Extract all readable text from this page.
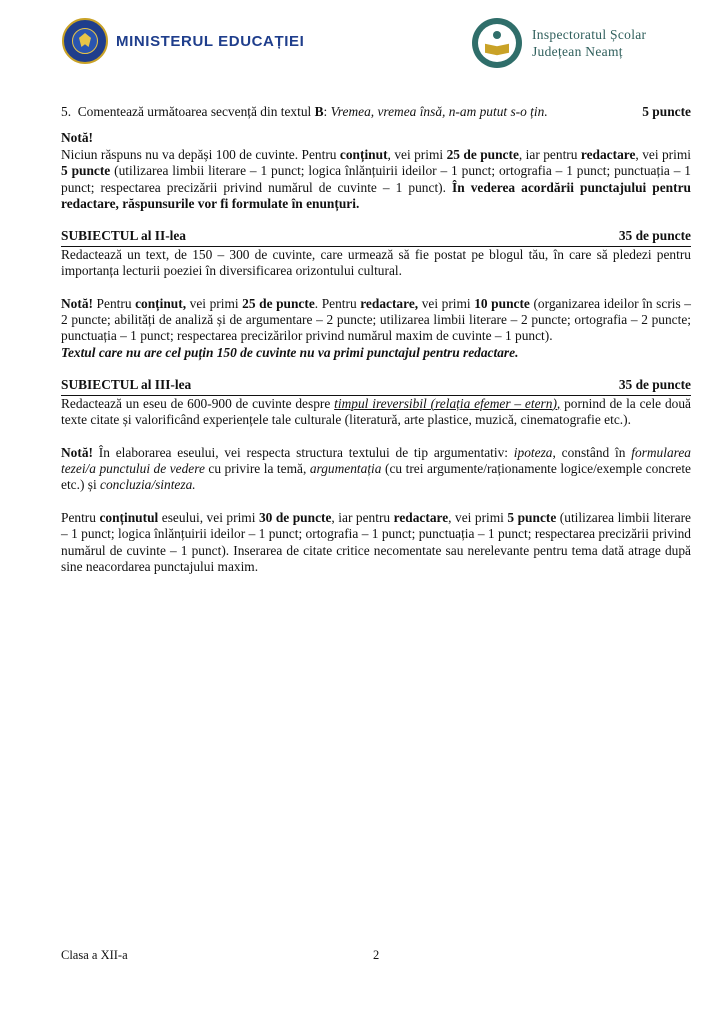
MINISTERUL EDUCAȚIEI	Inspectoratul Școlar
Județean Neamț
5. Comentează următoarea secvență din textul B: Vremea, vremea însă, n-am putut s-o țin.	5 puncte
Notă!

Niciun răspuns nu va depăși 100 de cuvinte. Pentru conținut, vei primi 25 de puncte, iar pentru redactare, vei primi 5 puncte (utilizarea limbii literare – 1 punct; logica înlănțuirii ideilor – 1 punct; ortografia – 1 punct; punctuația – 1 punct; respectarea precizării privind numărul de cuvinte – 1 punct). În vederea acordării punctajului pentru redactare, răspunsurile vor fi formulate în enunțuri.

SUBIECTUL al II-lea	35 de puncte

Redactează un text, de 150 – 300 de cuvinte, care urmează să fie postat pe blogul tău, în care să pledezi pentru importanța lecturii poeziei în diversificarea orizontului cultural.

Notă! Pentru conținut, vei primi 25 de puncte. Pentru redactare, vei primi 10 puncte (organizarea ideilor în scris – 2 puncte; abilități de analiză și de argumentare – 2 puncte; utilizarea limbii literare – 2 puncte; ortografia – 2 puncte; punctuația – 1 punct; respectarea precizărilor privind numărul maxim de cuvinte – 1 punct).

Textul care nu are cel puțin 150 de cuvinte nu va primi punctajul pentru redactare.

SUBIECTUL al III-lea	35 de puncte

Redactează un eseu de 600-900 de cuvinte despre timpul ireversibil (relația efemer – etern), pornind de la cele două texte citate și valorificând experiențele tale culturale (literatură, arte plastice, muzică, cinematografie etc.).

Notă! În elaborarea eseului, vei respecta structura textului de tip argumentativ: ipoteza, constând în formularea tezei/a punctului de vedere cu privire la temă, argumentația (cu trei argumente/raționamente logice/exemple concrete etc.) și concluzia/sinteza.

Pentru conținutul eseului, vei primi 30 de puncte, iar pentru redactare, vei primi 5 puncte (utilizarea limbii literare – 1 punct; logica înlănțuirii ideilor – 1 punct; ortografia – 1 punct; punctuația – 1 punct; respectarea precizării privind numărul de cuvinte – 1 punct). Inserarea de citate critice necomentate sau nerelevante pentru tema dată atrage după sine neacordarea punctajului maxim.

Clasa a XII-a	2
